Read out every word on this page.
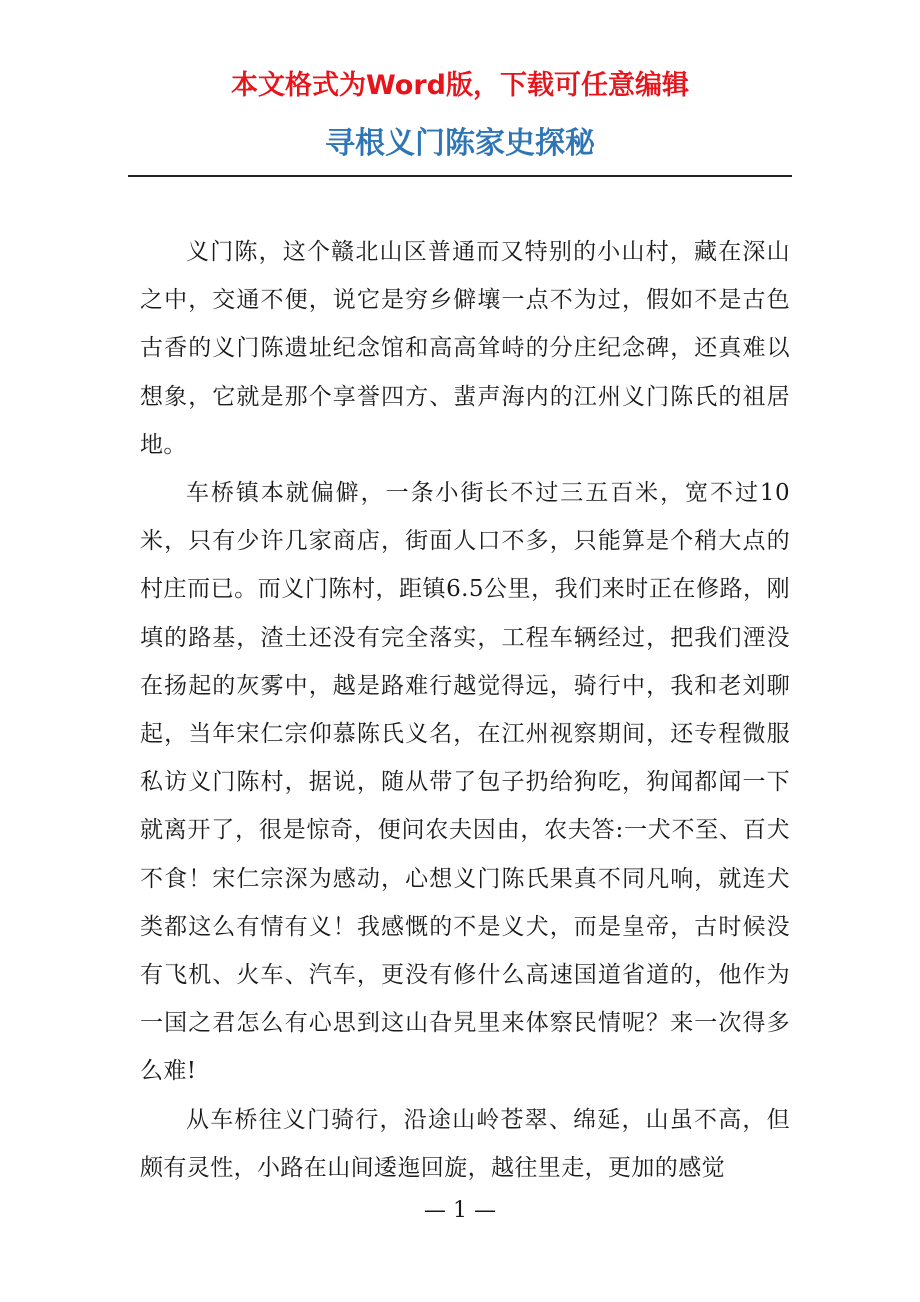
本文格式为Word版，下载可任意编辑
寻根义门陈家史探秘

义门陈，这个赣北山区普通而又特别的小山村，藏在深山之中，交通不便，说它是穷乡僻壤一点不为过，假如不是古色古香的义门陈遗址纪念馆和高高耸峙的分庄纪念碑，还真难以想象，它就是那个享誉四方、蜚声海内的江州义门陈氏的祖居地。

车桥镇本就偏僻，一条小街长不过三五百米，宽不过10米，只有少许几家商店，街面人口不多，只能算是个稍大点的村庄而已。而义门陈村，距镇6.5公里，我们来时正在修路，刚填的路基，渣土还没有完全落实，工程车辆经过，把我们湮没在扬起的灰雾中，越是路难行越觉得远，骑行中，我和老刘聊起，当年宋仁宗仰慕陈氏义名，在江州视察期间，还专程微服私访义门陈村，据说，随从带了包子扔给狗吃，狗闻都闻一下就离开了，很是惊奇，便问农夫因由，农夫答:一犬不至、百犬不食！宋仁宗深为感动，心想义门陈氏果真不同凡响，就连犬类都这么有情有义！我感慨的不是义犬，而是皇帝，古时候没有飞机、火车、汽车，更没有修什么高速国道省道的，他作为一国之君怎么有心思到这山旮旯里来体察民情呢？来一次得多么难!

从车桥往义门骑行，沿途山岭苍翠、绵延，山虽不高，但颇有灵性，小路在山间逶迤回旋，越往里走，更加的感觉

— 1 —
